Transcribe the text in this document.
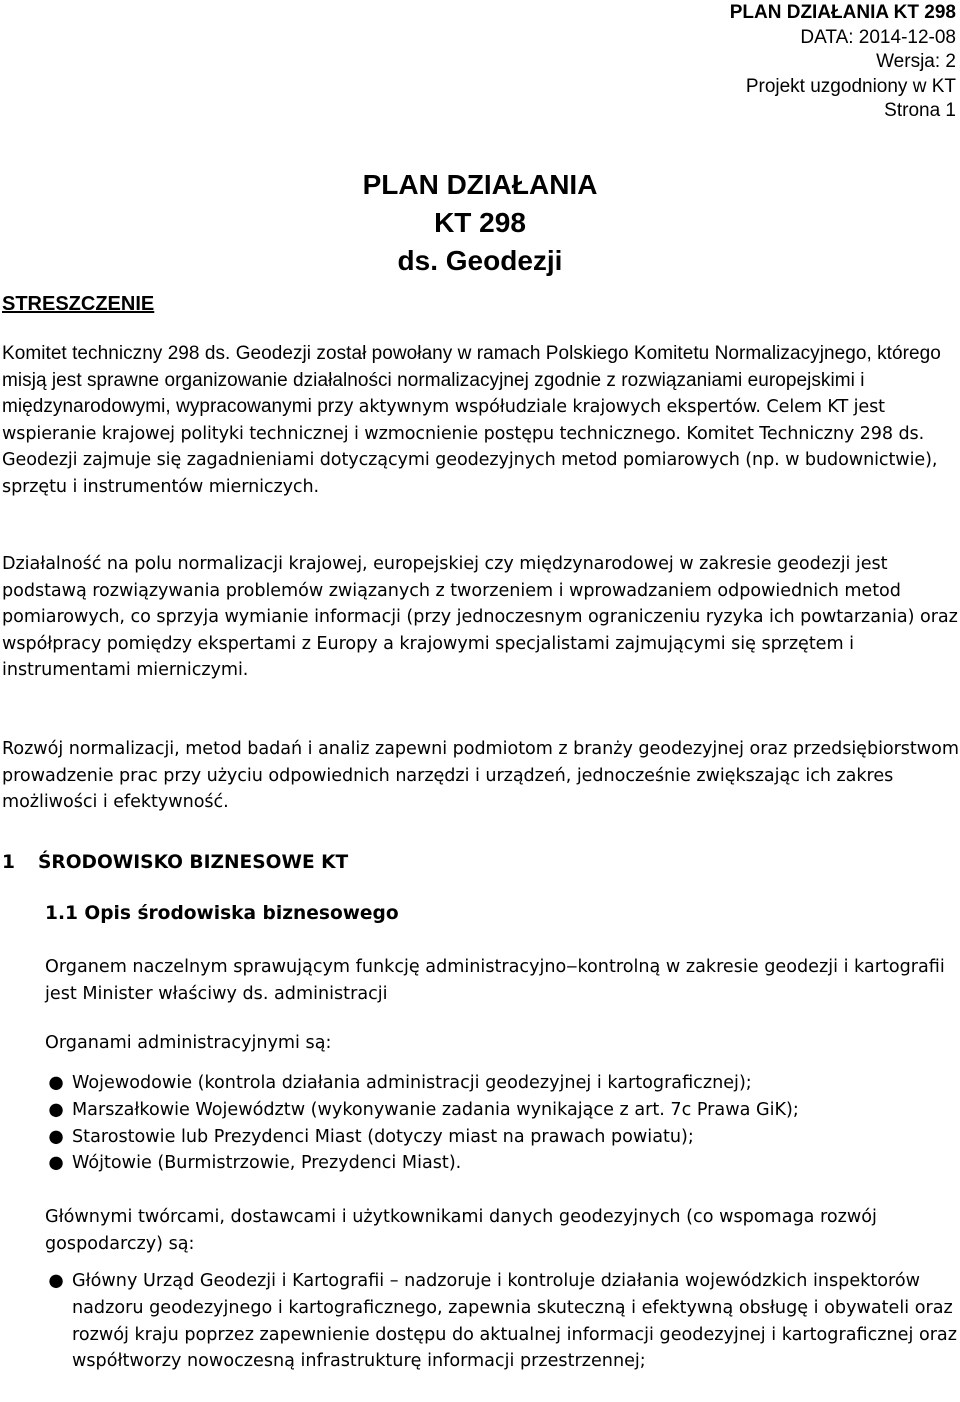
PLAN DZIAŁANIA KT 298
DATA: 2014-12-08
Wersja: 2
Projekt uzgodniony w KT
Strona 1
PLAN DZIAŁANIA
KT 298
ds. Geodezji
STRESZCZENIE
Komitet techniczny 298 ds. Geodezji został powołany w ramach Polskiego Komitetu Normalizacyjnego, którego misją jest sprawne organizowanie działalności normalizacyjnej zgodnie z rozwiązaniami europejskimi i międzynarodowymi, wypracowanymi przy aktywnym współudziale krajowych ekspertów. Celem KT jest wspieranie krajowej polityki technicznej i wzmocnienie postępu technicznego. Komitet Techniczny 298 ds. Geodezji zajmuje się zagadnieniami dotyczącymi geodezyjnych metod pomiarowych (np. w budownictwie), sprzętu i instrumentów mierniczych.
Działalność na polu normalizacji krajowej, europejskiej czy międzynarodowej w zakresie geodezji jest podstawą rozwiązywania problemów związanych z tworzeniem i wprowadzaniem odpowiednich metod pomiarowych, co sprzyja wymianie informacji (przy jednoczesnym ograniczeniu ryzyka ich powtarzania) oraz współpracy pomiędzy ekspertami z Europy a krajowymi specjalistami zajmującymi się sprzętem i instrumentami mierniczymi.
Rozwój normalizacji, metod badań i analiz zapewni podmiotom z branży geodezyjnej oraz przedsiębiorstwom prowadzenie prac przy użyciu odpowiednich narzędzi i urządzeń, jednocześnie zwiększając ich zakres możliwości i efektywność.
1 ŚRODOWISKO BIZNESOWE KT
1.1 Opis środowiska biznesowego
Organem naczelnym sprawującym funkcję administracyjno‒kontrolną w zakresie geodezji i kartografii jest Minister właściwy ds. administracji
Organami administracyjnymi są:
● Wojewodowie (kontrola działania administracji geodezyjnej i kartograficznej);
● Marszałkowie Województw (wykonywanie zadania wynikające z art. 7c Prawa GiK);
● Starostowie lub Prezydenci Miast (dotyczy miast na prawach powiatu);
● Wójtowie (Burmistrzowie, Prezydenci Miast).
Głównymi twórcami, dostawcami i użytkownikami danych geodezyjnych (co wspomaga rozwój gospodarczy) są:
● Główny Urząd Geodezji i Kartografii – nadzoruje i kontroluje działania wojewódzkich inspektorów nadzoru geodezyjnego i kartograficznego, zapewnia skuteczną i efektywną obsługę i obywateli oraz rozwój kraju poprzez zapewnienie dostępu do aktualnej informacji geodezyjnej i kartograficznej oraz współtworzy nowoczesną infrastrukturę informacji przestrzennej;
